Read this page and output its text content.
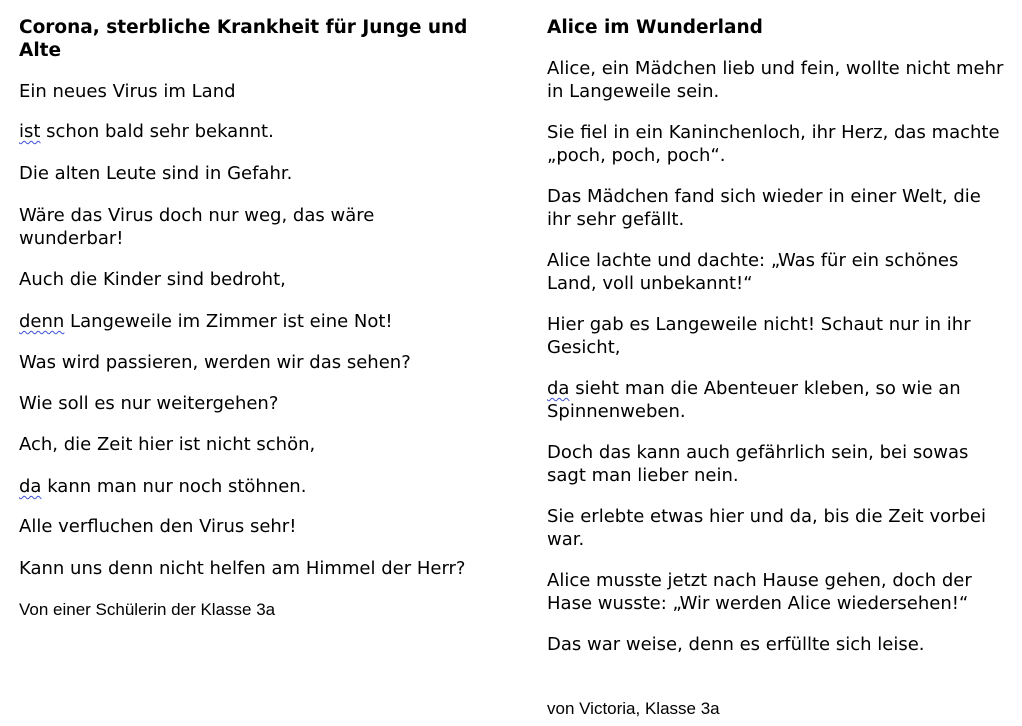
Corona, sterbliche Krankheit für Junge und

Alte

Ein neues Virus im Land

ist schon bald sehr bekannt.

Die alten Leute sind in Gefahr.

Wäre das Virus doch nur weg, das wäre

wunderbar!

Auch die Kinder sind bedroht,

denn Langeweile im Zimmer ist eine Not!

Was wird passieren, werden wir das sehen?

Wie soll es nur weitergehen?

Ach, die Zeit hier ist nicht schön,

da kann man nur noch stöhnen.

Alle verfluchen den Virus sehr!

Kann uns denn nicht helfen am Himmel der Herr?

Von einer Schülerin der Klasse 3a

Alice im Wunderland

Alice, ein Mädchen lieb und fein, wollte nicht mehr

in Langeweile sein.

Sie fiel in ein Kaninchenloch, ihr Herz, das machte

„poch, poch, poch“.

Das Mädchen fand sich wieder in einer Welt, die

ihr sehr gefällt.

Alice lachte und dachte: „Was für ein schönes

Land, voll unbekannt!“

Hier gab es Langeweile nicht! Schaut nur in ihr

Gesicht,

da sieht man die Abenteuer kleben, so wie an

Spinnenweben.

Doch das kann auch gefährlich sein, bei sowas

sagt man lieber nein.

Sie erlebte etwas hier und da, bis die Zeit vorbei

war.

Alice musste jetzt nach Hause gehen, doch der

Hase wusste: „Wir werden Alice wiedersehen!“

Das war weise, denn es erfüllte sich leise.

von Victoria, Klasse 3a
